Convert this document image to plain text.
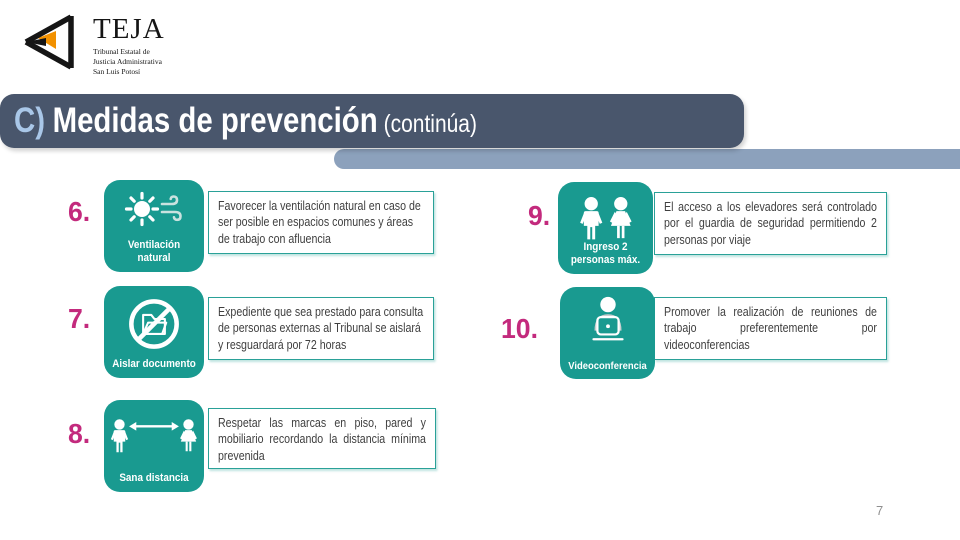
TEJA
Tribunal Estatal de
Justicia Administrativa
San Luis Potosí
C) Medidas de prevención (continúa)
6.
Ventilación natural
Favorecer la ventilación natural en caso de ser posible en espacios comunes y áreas de trabajo con afluencia
7.
Aislar documento
Expediente que sea prestado para consulta de personas externas al Tribunal se aislará y resguardará por 72 horas
8.
Sana distancia
Respetar las marcas en piso, pared y mobiliario recordando la distancia mínima prevenida
9.
Ingreso 2 personas máx.
El acceso a los elevadores será controlado por el guardia de seguridad permitiendo 2 personas por viaje
10.
Videoconferencia
Promover la realización de reuniones de trabajo preferentemente por videoconferencias
7
